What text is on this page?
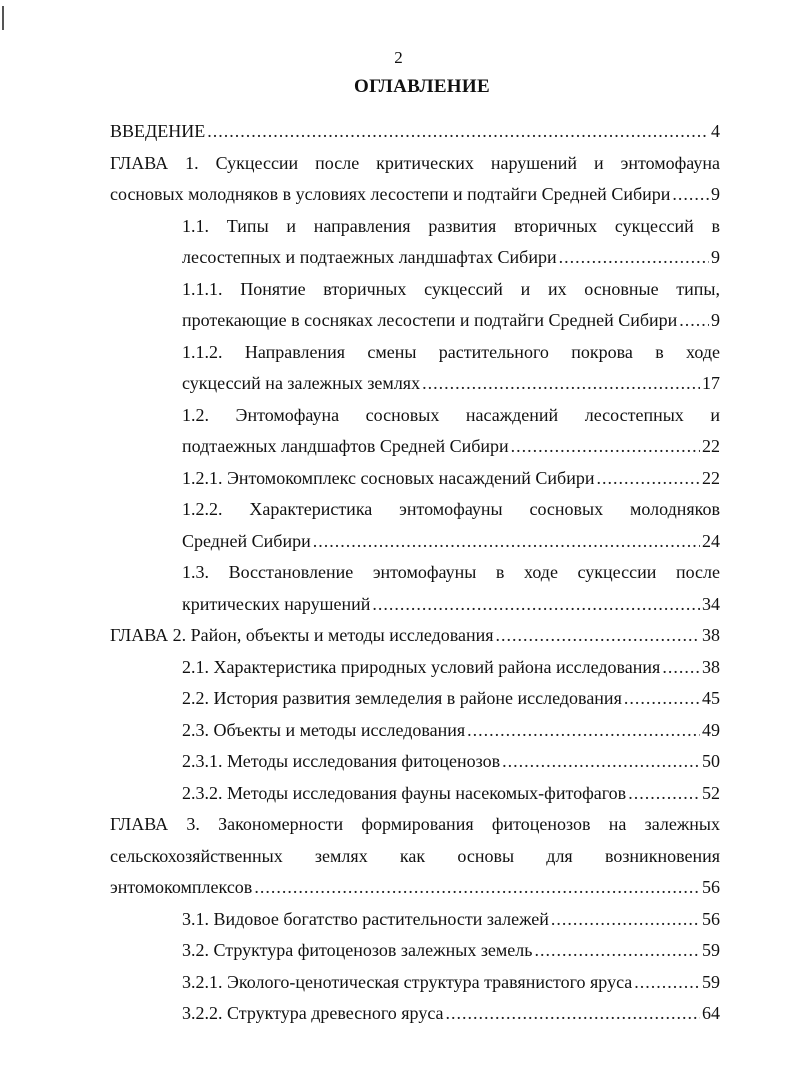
2
ОГЛАВЛЕНИЕ
ВВЕДЕНИЕ .....	4
ГЛАВА 1. Сукцессии после критических нарушений и энтомофауна
сосновых молодняков в условиях лесостепи и подтайги Средней Сибири ..... 9
1.1. Типы и направления развития вторичных сукцессий в
лесостепных и подтаежных ландшафтах Сибири .....	9
1.1.1. Понятие вторичных сукцессий и их основные типы,
протекающие в сосняках лесостепи и подтайги Средней Сибири ..... 9
1.1.2. Направления смены растительного покрова в ходе
сукцессий на залежных землях .....	17
1.2. Энтомофауна сосновых насаждений лесостепных и
подтаежных ландшафтов Средней Сибири .....	22
1.2.1. Энтомокомплекс сосновых насаждений Сибири .....	22
1.2.2. Характеристика энтомофауны сосновых молодняков
Средней Сибири .....	24
1.3. Восстановление энтомофауны в ходе сукцессии после
критических нарушений .....	34
ГЛАВА 2. Район, объекты и методы исследования .....	38
2.1. Характеристика природных условий района исследования ..... 38
2.2. История развития земледелия в районе исследования .....	45
2.3. Объекты и методы исследования .....	49
2.3.1. Методы исследования фитоценозов .....	50
2.3.2. Методы исследования фауны насекомых-фитофагов .....	52
ГЛАВА 3. Закономерности формирования фитоценозов на залежных
сельскохозяйственных землях как основы для возникновения
энтомокомплексов .....	56
3.1. Видовое богатство растительности залежей .....	56
3.2. Структура фитоценозов залежных земель .....	59
3.2.1. Эколого-ценотическая структура травянистого яруса .....	59
3.2.2. Структура древесного яруса .....	64
